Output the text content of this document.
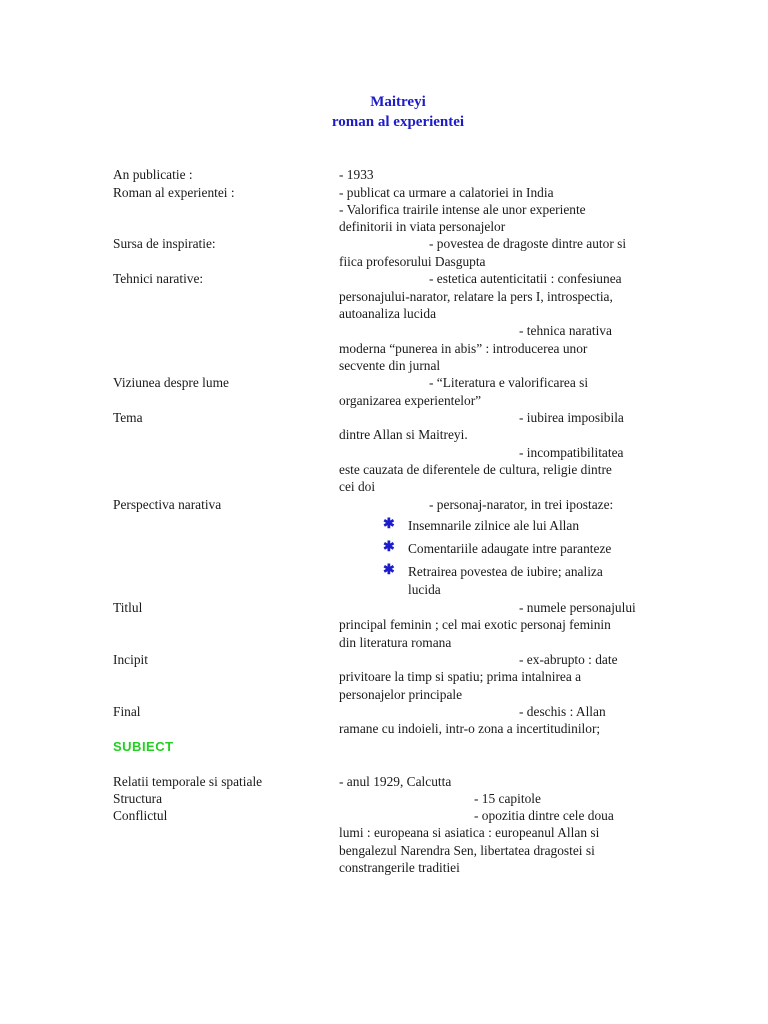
Maitreyi
roman al experientei
An publicatie :	- 1933
Roman al experientei :	- publicat ca urmare a calatoriei in India
- Valorifica trairile intense ale unor experiente
definitorii in viata personajelor
Sursa de inspiratie:	- povestea de dragoste dintre autor si
fiica profesorului Dasgupta
Tehnici narative:	- estetica autenticitatii : confesiunea
personajului-narator, relatare la pers I, introspectia,
autoanaliza lucida
- tehnica narativa
moderna “punerea in abis” : introducerea unor
secvente din jurnal
Viziunea despre lume	- “Literatura e valorificarea si
organizarea experientelor”
Tema	- iubirea imposibila
dintre Allan si Maitreyi.
- incompatibilitatea
este cauzata de diferentele de cultura, religie dintre
cei doi
Perspectiva narativa	- personaj-narator, in trei ipostaze:
✱ Insemnarile zilnice ale lui Allan
✱ Comentariile adaugate intre paranteze
✱ Retrairea povestea de iubire; analiza
lucida
Titlul	- numele personajului
principal feminin ; cel mai exotic personaj feminin
din literatura romana
Incipit	- ex-abrupto : date
privitoare la timp si spatiu; prima intalnirea a
personajelor principale
Final	- deschis : Allan
ramane cu indoieli, intr-o zona a incertitudinilor;
SUBIECT
Relatii temporale si spatiale	- anul 1929, Calcutta
Structura	- 15 capitole
Conflictul	- opozitia dintre cele doua
lumi : europeana si asiatica : europeanul Allan si
bengalezul Narendra Sen, libertatea dragostei si
constrangerile traditiei
